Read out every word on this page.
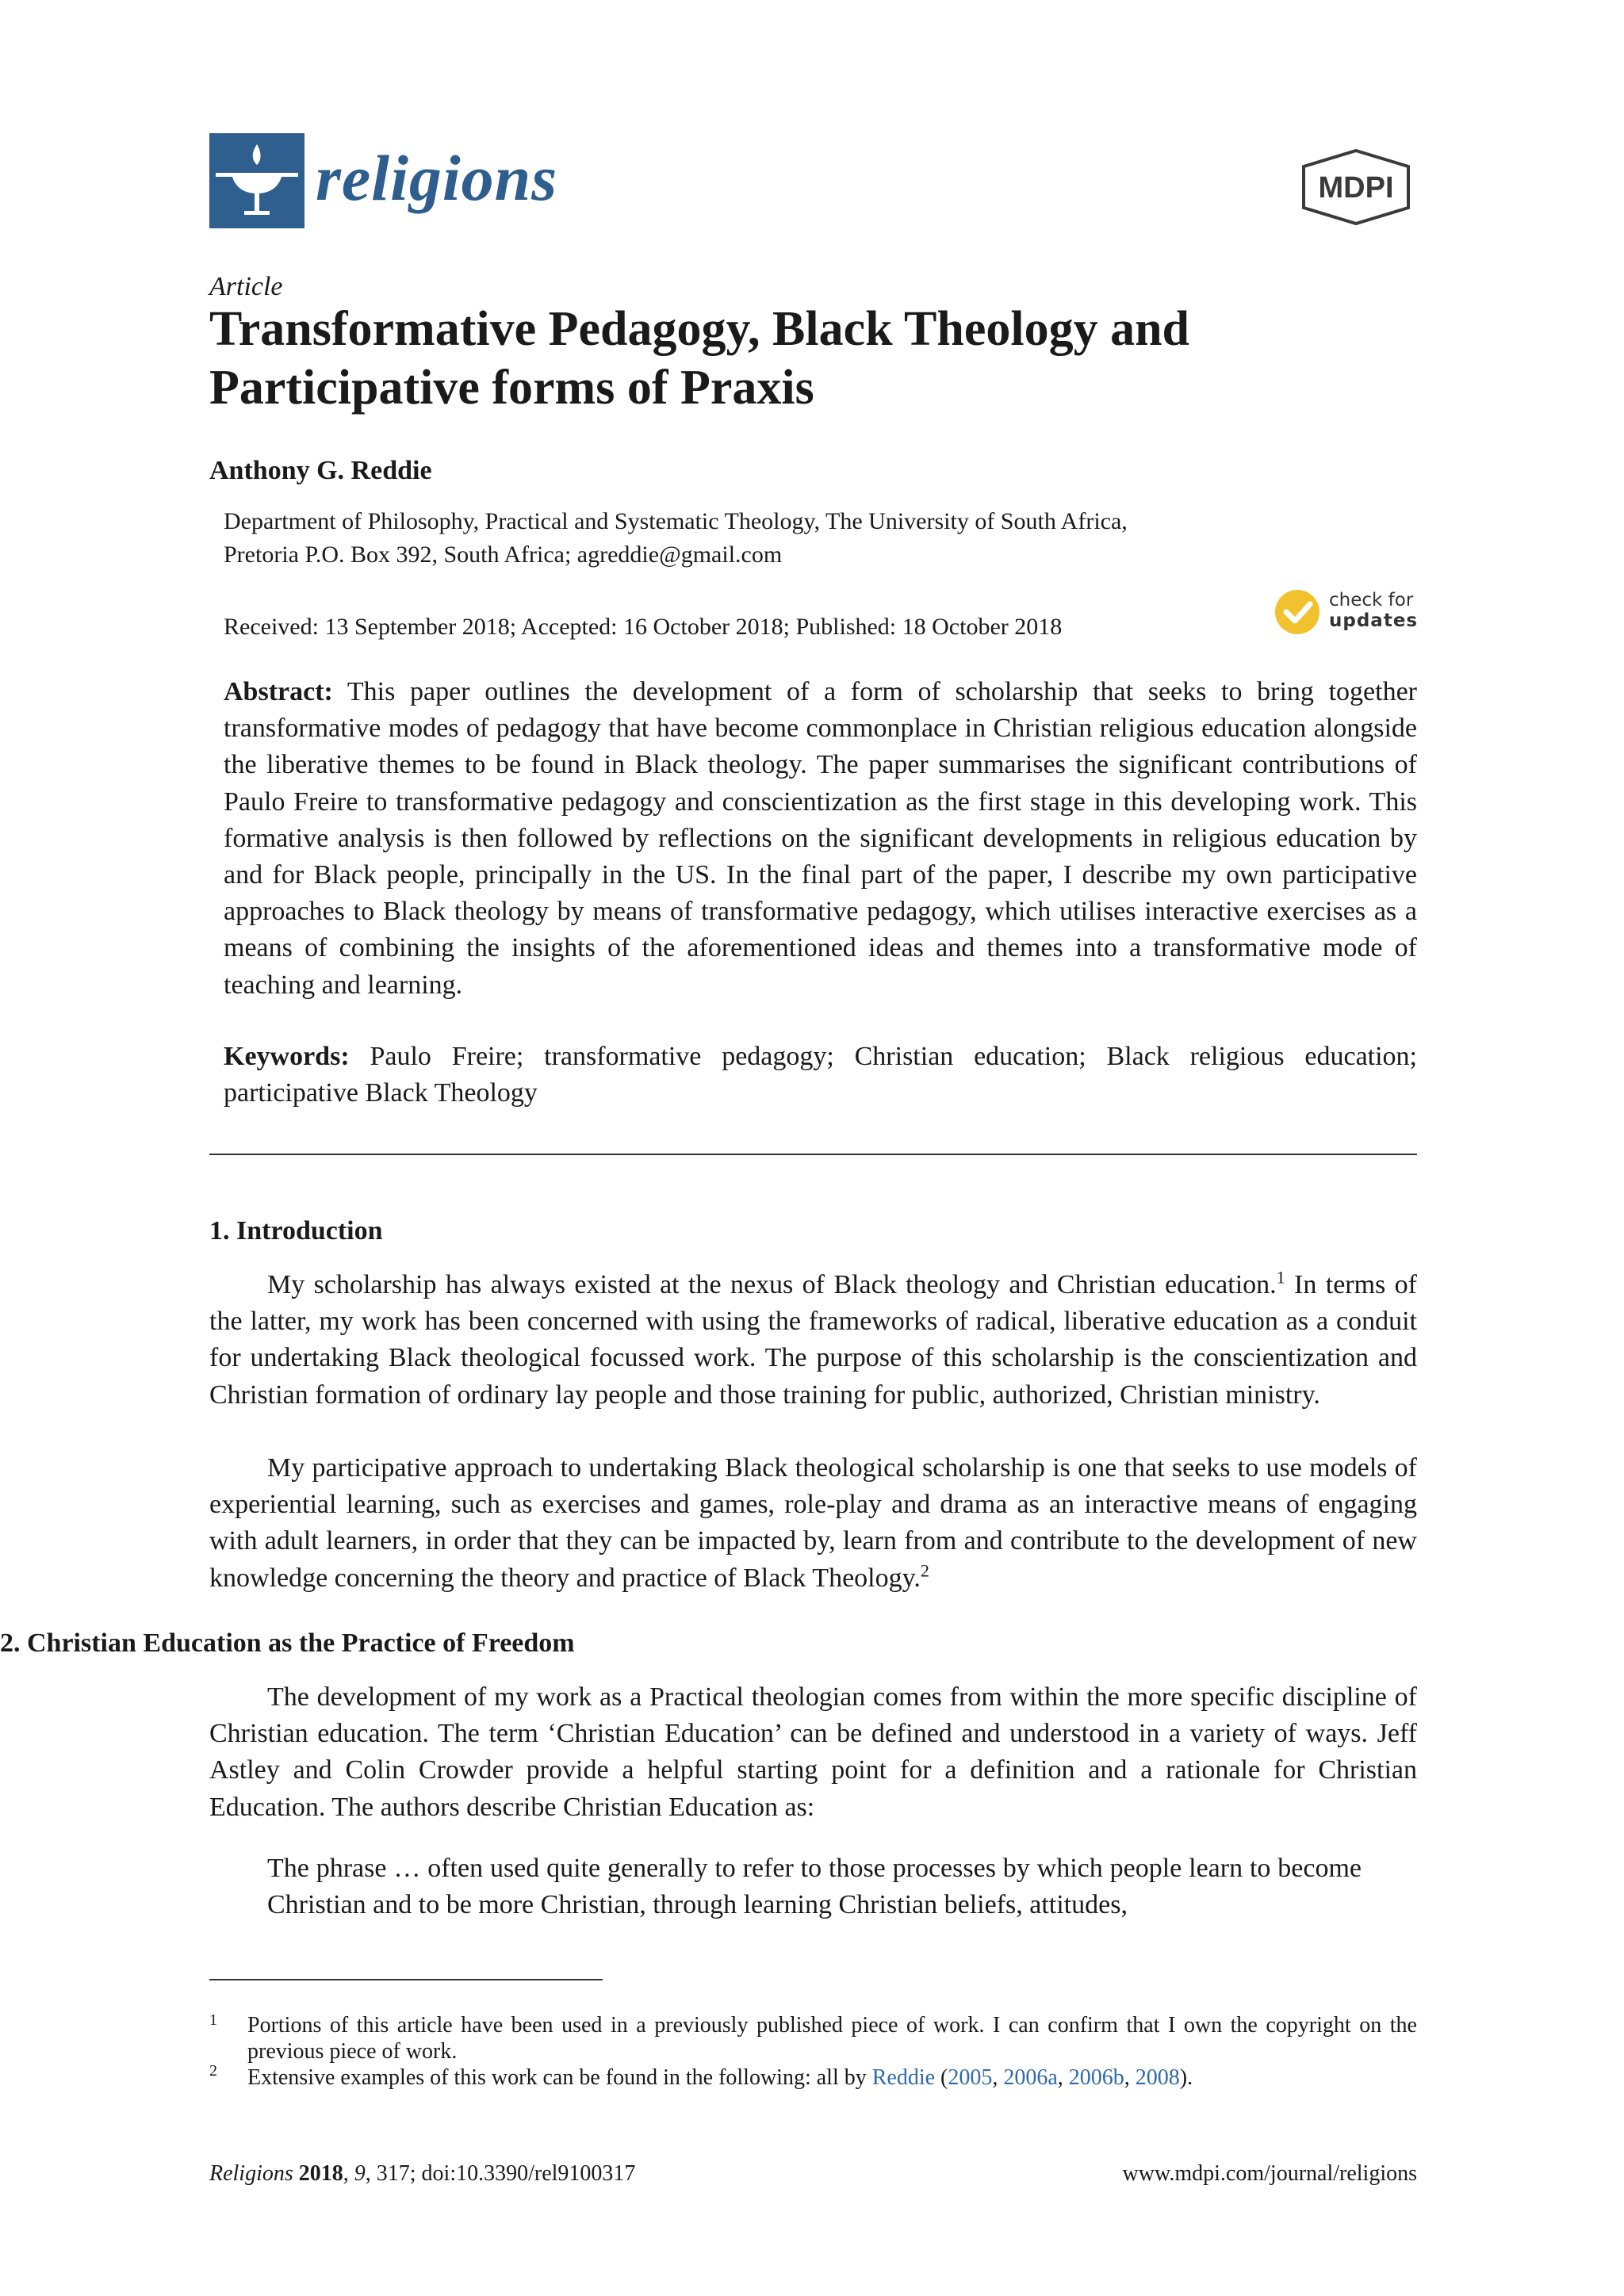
religions	MDPI
Article
Transformative Pedagogy, Black Theology and Participative forms of Praxis
Anthony G. Reddie
Department of Philosophy, Practical and Systematic Theology, The University of South Africa,
Pretoria P.O. Box 392, South Africa; agreddie@gmail.com
Received: 13 September 2018; Accepted: 16 October 2018; Published: 18 October 2018
check for
updates
Abstract: This paper outlines the development of a form of scholarship that seeks to bring together transformative modes of pedagogy that have become commonplace in Christian religious education alongside the liberative themes to be found in Black theology. The paper summarises the significant contributions of Paulo Freire to transformative pedagogy and conscientization as the first stage in this developing work. This formative analysis is then followed by reflections on the significant developments in religious education by and for Black people, principally in the US. In the final part of the paper, I describe my own participative approaches to Black theology by means of transformative pedagogy, which utilises interactive exercises as a means of combining the insights of the aforementioned ideas and themes into a transformative mode of teaching and learning.
Keywords: Paulo Freire; transformative pedagogy; Christian education; Black religious education; participative Black Theology
1. Introduction
My scholarship has always existed at the nexus of Black theology and Christian education.$^1$ In terms of the latter, my work has been concerned with using the frameworks of radical, liberative education as a conduit for undertaking Black theological focussed work. The purpose of this scholarship is the conscientization and Christian formation of ordinary lay people and those training for public, authorized, Christian ministry.
My participative approach to undertaking Black theological scholarship is one that seeks to use models of experiential learning, such as exercises and games, role-play and drama as an interactive means of engaging with adult learners, in order that they can be impacted by, learn from and contribute to the development of new knowledge concerning the theory and practice of Black Theology.$^2$
2. Christian Education as the Practice of Freedom
The development of my work as a Practical theologian comes from within the more specific discipline of Christian education. The term ‘Christian Education’ can be defined and understood in a variety of ways. Jeff Astley and Colin Crowder provide a helpful starting point for a definition and a rationale for Christian Education. The authors describe Christian Education as:
The phrase … often used quite generally to refer to those processes by which people learn to become Christian and to be more Christian, through learning Christian beliefs, attitudes,
1 Portions of this article have been used in a previously published piece of work. I can confirm that I own the copyright on the previous piece of work.
2 Extensive examples of this work can be found in the following: all by Reddie (2005, 2006a, 2006b, 2008).
Religions 2018, 9, 317; doi:10.3390/rel9100317	www.mdpi.com/journal/religions
